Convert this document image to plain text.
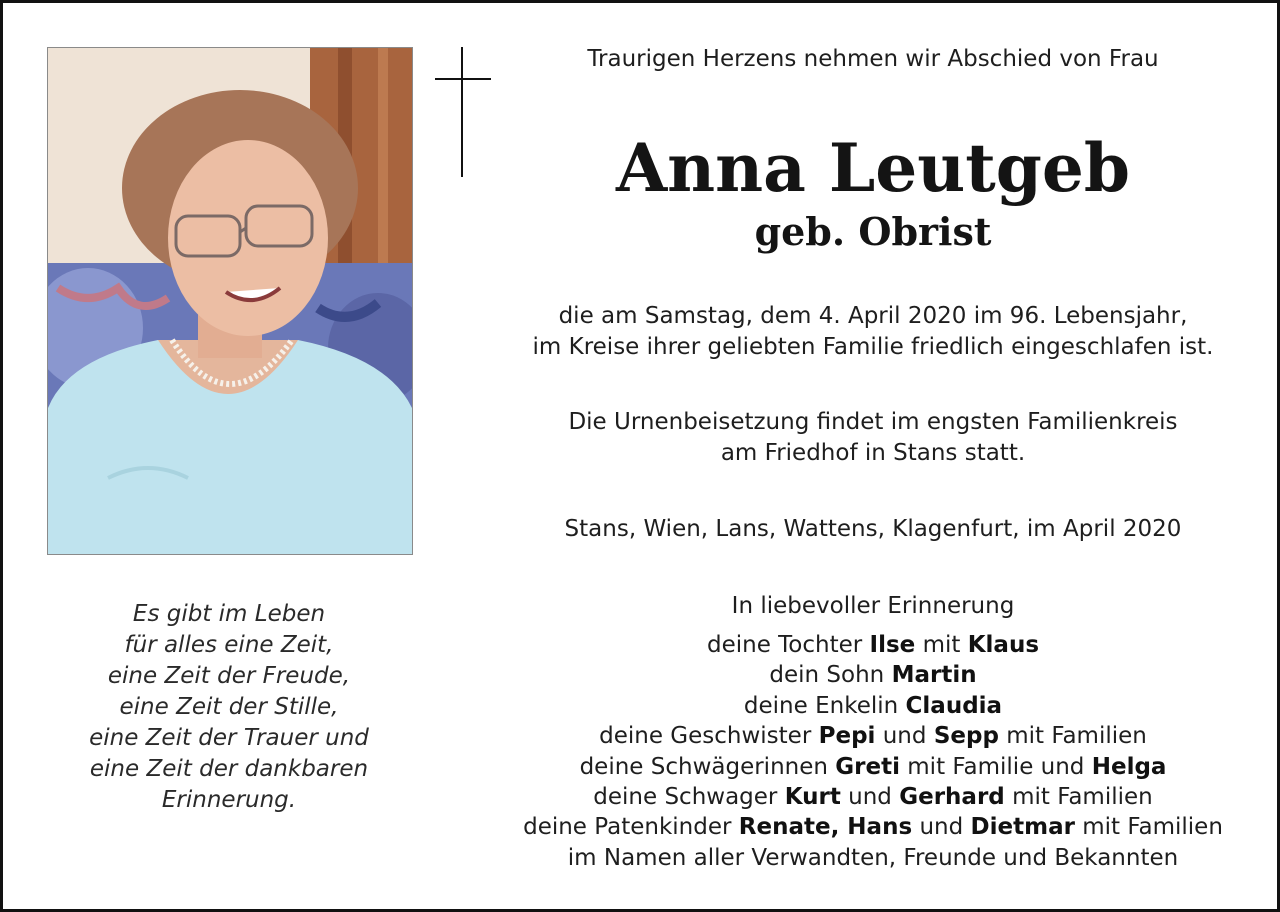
Es gibt im Leben
für alles eine Zeit,
eine Zeit der Freude,
eine Zeit der Stille,
eine Zeit der Trauer und
eine Zeit der dankbaren
Erinnerung.
Traurigen Herzens nehmen wir Abschied von Frau
Anna Leutgeb
geb. Obrist
die am Samstag, dem 4. April 2020 im 96. Lebensjahr,
im Kreise ihrer geliebten Familie friedlich eingeschlafen ist.
Die Urnenbeisetzung findet im engsten Familienkreis
am Friedhof in Stans statt.
Stans, Wien, Lans, Wattens, Klagenfurt, im April 2020
In liebevoller Erinnerung
deine Tochter Ilse mit Klaus
dein Sohn Martin
deine Enkelin Claudia
deine Geschwister Pepi und Sepp mit Familien
deine Schwägerinnen Greti mit Familie und Helga
deine Schwager Kurt und Gerhard mit Familien
deine Patenkinder Renate, Hans und Dietmar mit Familien
im Namen aller Verwandten, Freunde und Bekannten
